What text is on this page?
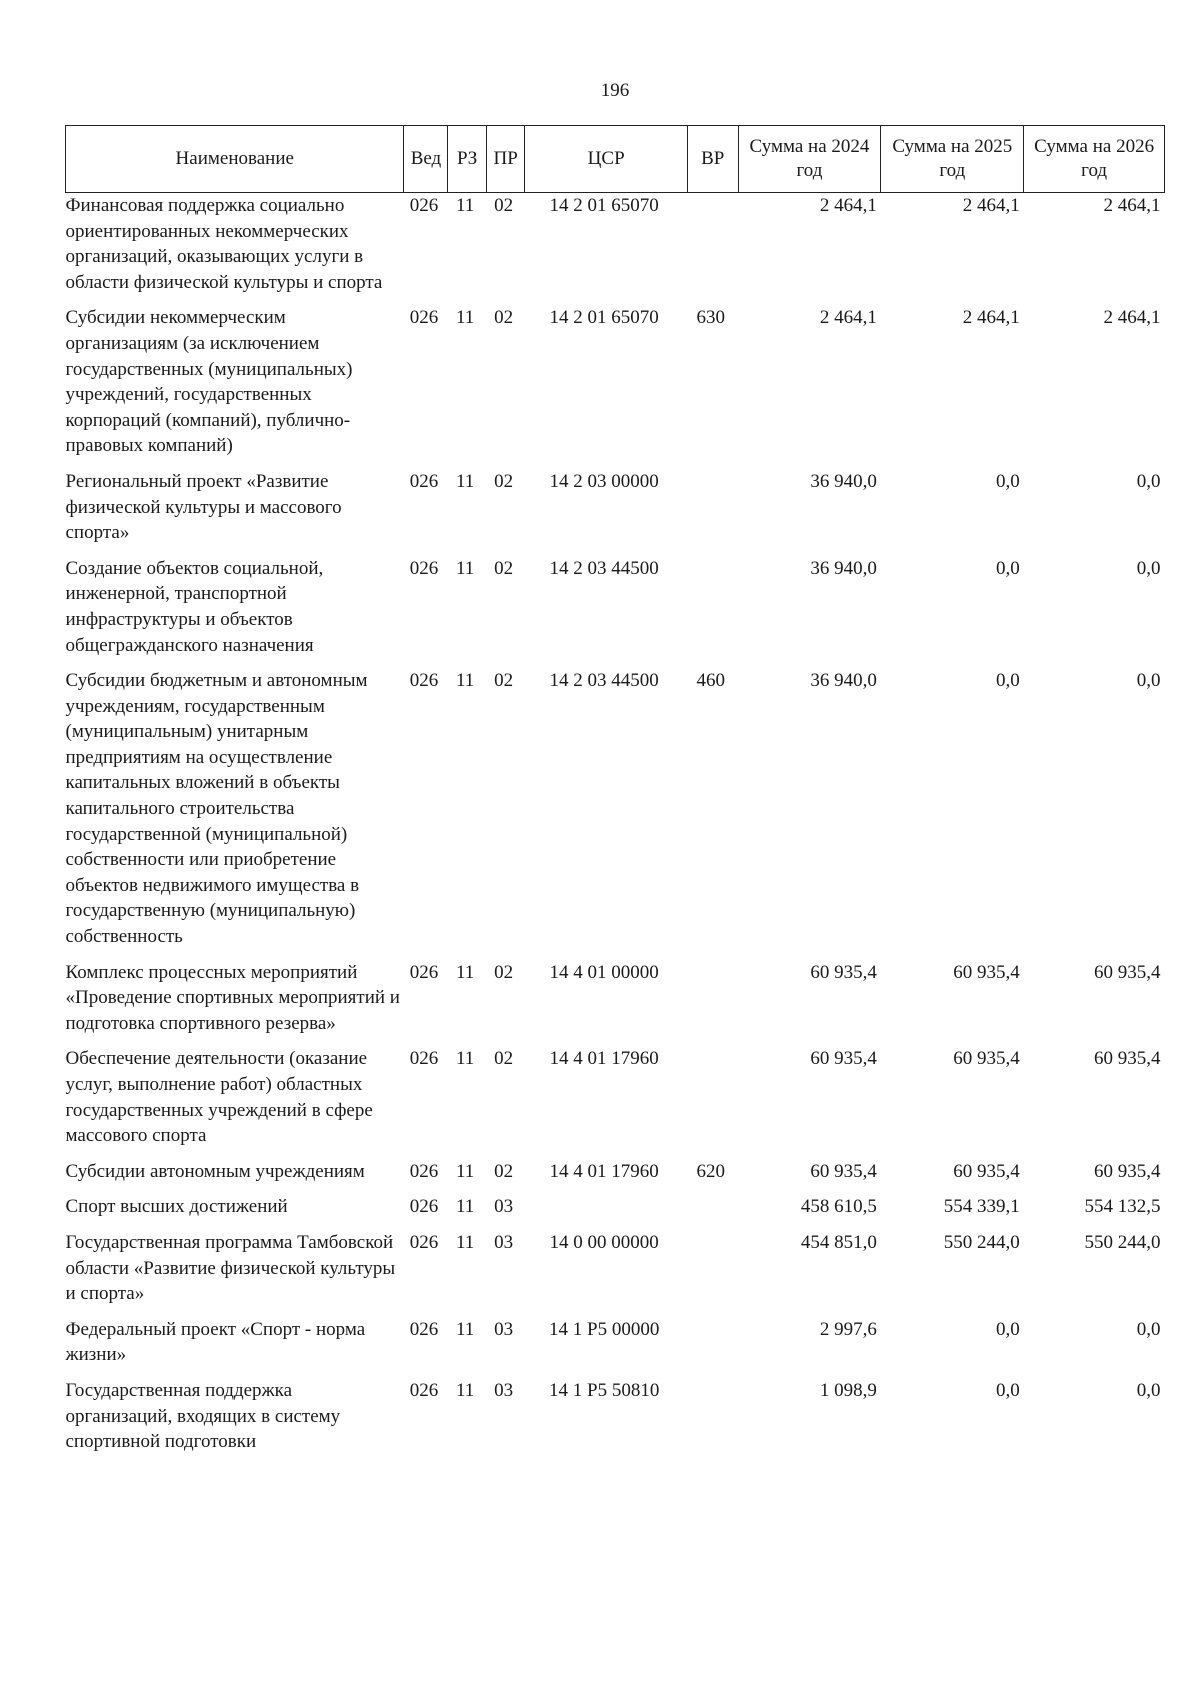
196
Наименование	Вед	РЗ	ПР	ЦСР	ВР	Сумма на 2024 год	Сумма на 2025 год	Сумма на 2026 год
Финансовая поддержка социально ориентированных некоммерческих организаций, оказывающих услуги в области физической культуры и спорта	026	11	02	14 2 01 65070		2 464,1	2 464,1	2 464,1
Субсидии некоммерческим организациям (за исключением государственных (муниципальных) учреждений, государственных корпораций (компаний), публично-правовых компаний)	026	11	02	14 2 01 65070	630	2 464,1	2 464,1	2 464,1
Региональный проект «Развитие физической культуры и массового спорта»	026	11	02	14 2 03 00000		36 940,0	0,0	0,0
Создание объектов социальной, инженерной, транспортной инфраструктуры и объектов общегражданского назначения	026	11	02	14 2 03 44500		36 940,0	0,0	0,0
Субсидии бюджетным и автономным учреждениям, государственным (муниципальным) унитарным предприятиям на осуществление капитальных вложений в объекты капитального строительства государственной (муниципальной) собственности или приобретение объектов недвижимого имущества в государственную (муниципальную) собственность	026	11	02	14 2 03 44500	460	36 940,0	0,0	0,0
Комплекс процессных мероприятий «Проведение спортивных мероприятий и подготовка спортивного резерва»	026	11	02	14 4 01 00000		60 935,4	60 935,4	60 935,4
Обеспечение деятельности (оказание услуг, выполнение работ) областных государственных учреждений в сфере массового спорта	026	11	02	14 4 01 17960		60 935,4	60 935,4	60 935,4
Субсидии автономным учреждениям	026	11	02	14 4 01 17960	620	60 935,4	60 935,4	60 935,4
Спорт высших достижений	026	11	03			458 610,5	554 339,1	554 132,5
Государственная программа Тамбовской области «Развитие физической культуры и спорта»	026	11	03	14 0 00 00000		454 851,0	550 244,0	550 244,0
Федеральный проект «Спорт - норма жизни»	026	11	03	14 1 Р5 00000		2 997,6	0,0	0,0
Государственная поддержка организаций, входящих в систему спортивной подготовки	026	11	03	14 1 Р5 50810		1 098,9	0,0	0,0
